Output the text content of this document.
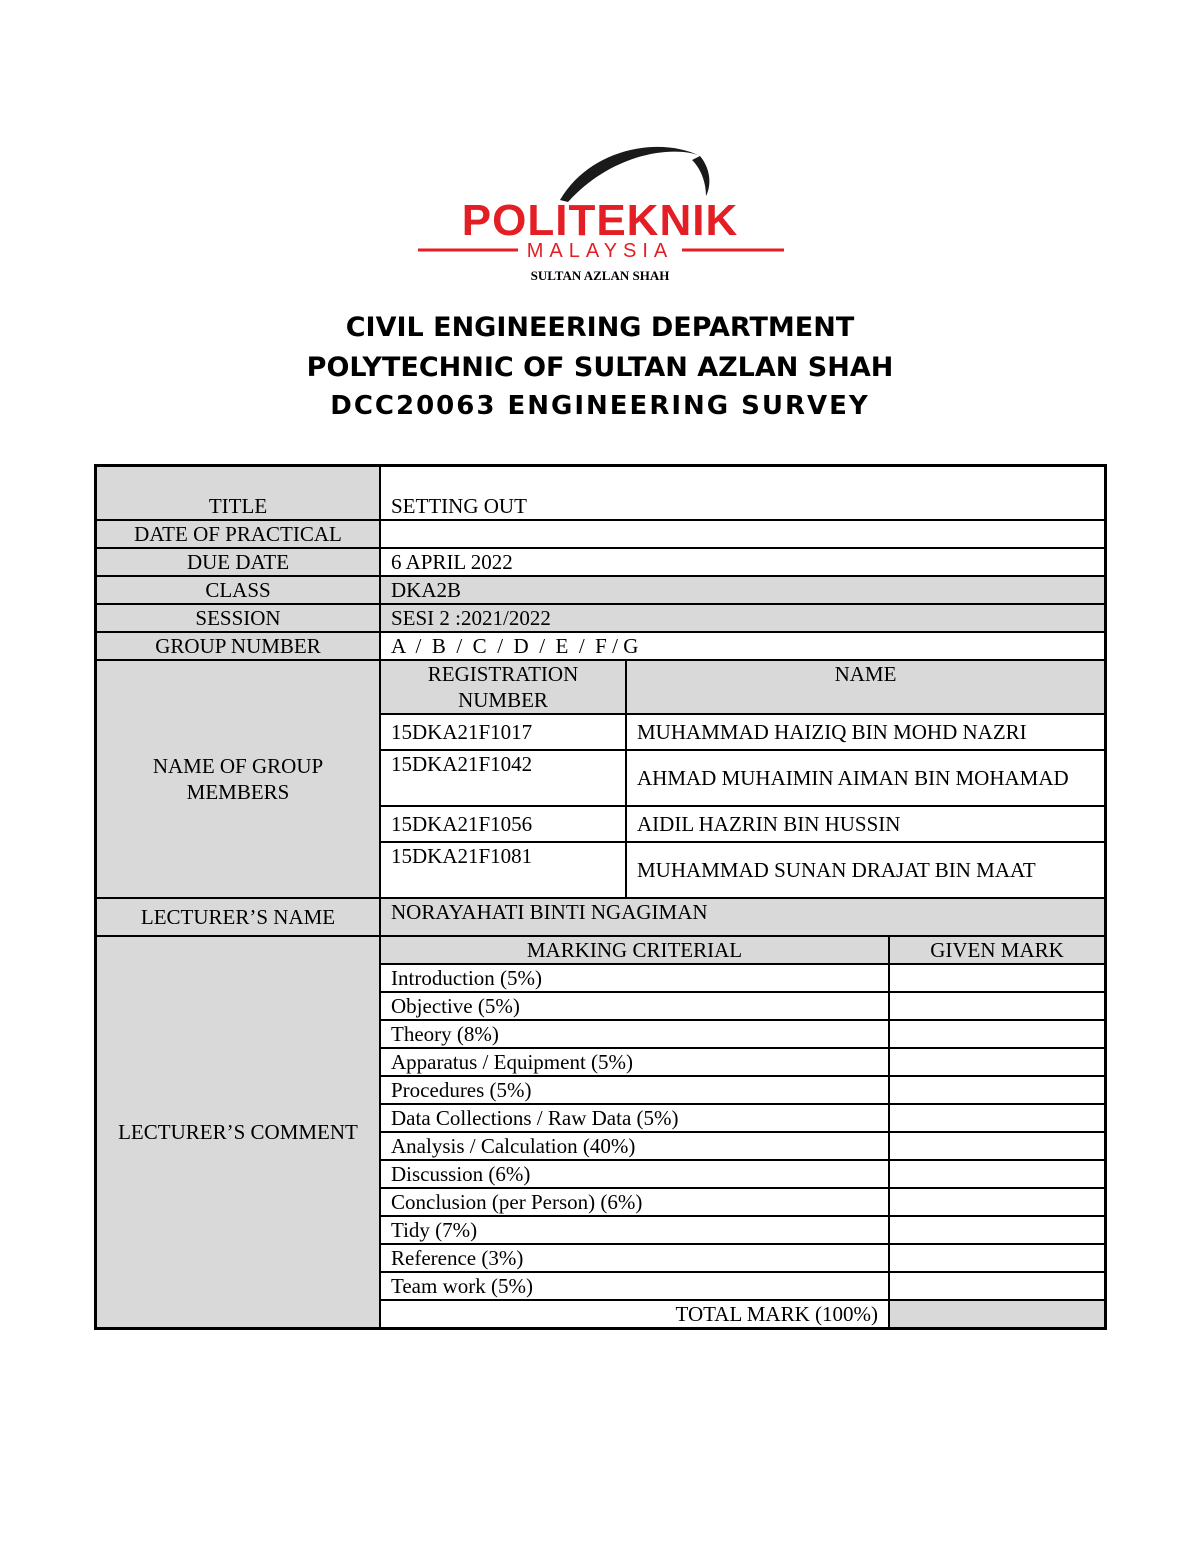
POLITEKNIK
MALAYSIA
SULTAN AZLAN SHAH
CIVIL ENGINEERING DEPARTMENT
POLYTECHNIC OF SULTAN AZLAN SHAH
DCC20063 ENGINEERING SURVEY
TITLE	SETTING OUT
DATE OF PRACTICAL	
DUE DATE	6 APRIL 2022
CLASS	DKA2B
SESSION	SESI 2 :2021/2022
GROUP NUMBER	A  /  B  /  C  /  D  /  E  /  F / G
NAME OF GROUP MEMBERS	
REGISTRATION NUMBER	NAME
15DKA21F1017	MUHAMMAD HAIZIQ BIN MOHD NAZRI
15DKA21F1042	AHMAD MUHAIMIN AIMAN BIN MOHAMAD
15DKA21F1056	AIDIL HAZRIN BIN HUSSIN
15DKA21F1081	MUHAMMAD SUNAN DRAJAT BIN MAAT

LECTURER’S NAME	NORAYAHATI BINTI NGAGIMAN
LECTURER’S COMMENT	
MARKING CRITERIAL	GIVEN MARK
Introduction (5%)	
Objective (5%)	
Theory (8%)	
Apparatus / Equipment (5%)	
Procedures (5%)	
Data Collections / Raw Data (5%)	
Analysis / Calculation (40%)	
Discussion (6%)	
Conclusion (per Person) (6%)	
Tidy (7%)	
Reference (3%)	
Team work (5%)	
TOTAL MARK (100%)	
